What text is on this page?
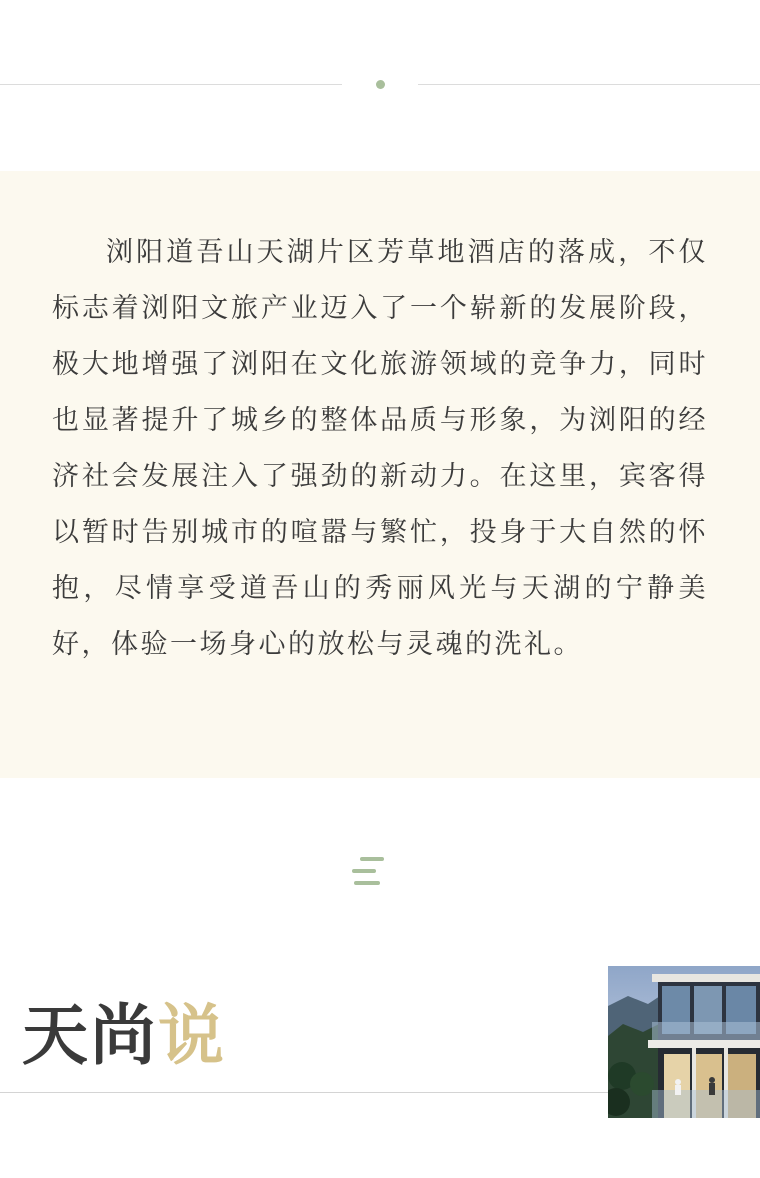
浏阳道吾山天湖片区芳草地酒店的落成，不仅标志着浏阳文旅产业迈入了一个崭新的发展阶段，极大地增强了浏阳在文化旅游领域的竞争力，同时也显著提升了城乡的整体品质与形象，为浏阳的经济社会发展注入了强劲的新动力。在这里，宾客得以暂时告别城市的喧嚣与繁忙，投身于大自然的怀抱，尽情享受道吾山的秀丽风光与天湖的宁静美好，体验一场身心的放松与灵魂的洗礼。

天尚说
